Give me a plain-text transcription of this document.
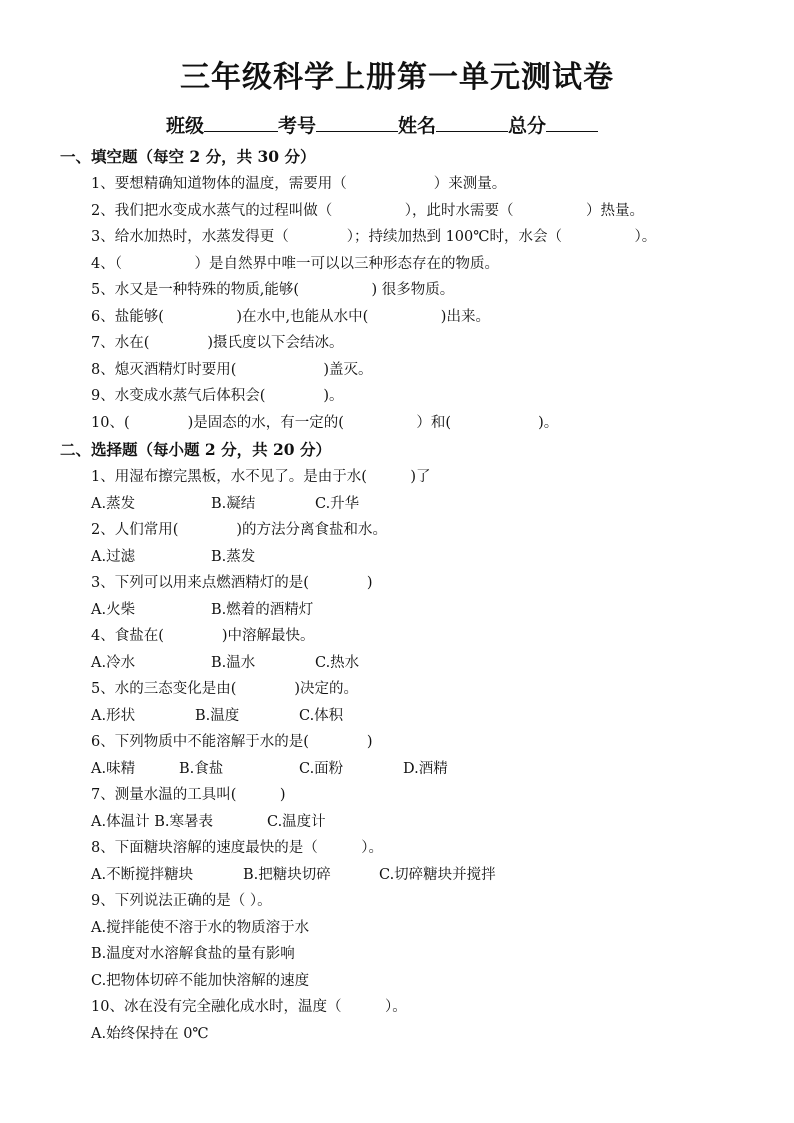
三年级科学上册第一单元测试卷
班级	考号	姓名	总分
一、填空题（每空 2 分，共 30 分）
1、要想精确知道物体的温度，需要用（　　　　　　）来测量。
2、我们把水变成水蒸气的过程叫做（　　　　　），此时水需要（　　　　　）热量。
3、给水加热时，水蒸发得更（　　　　）；持续加热到 100℃时，水会（　　　　　）。
4、（　　　　　）是自然界中唯一可以以三种形态存在的物质。
5、水又是一种特殊的物质,能够(　　　　　) 很多物质。
6、盐能够(　　　　　)在水中,也能从水中(　　　　　)出来。
7、水在(　　　　)摄氏度以下会结冰。
8、熄灭酒精灯时要用(　　　　　　)盖灭。
9、水变成水蒸气后体积会(　　　　)。
10、(　　　　)是固态的水，有一定的(　　　　　）和(　　　　　　)。
二、选择题（每小题 2 分，共 20 分）
1、用湿布擦完黑板，水不见了。是由于水(　　　)了
A.蒸发	B.凝结	C.升华
2、人们常用(　　　　)的方法分离食盐和水。
A.过滤	B.蒸发
3、下列可以用来点燃酒精灯的是(　　　　)
A.火柴	B.燃着的酒精灯
4、食盐在(　　　　)中溶解最快。
A.冷水	B.温水	C.热水
5、水的三态变化是由(　　　　)决定的。
A.形状	B.温度	C.体积
6、下列物质中不能溶解于水的是(　　　　)
A.味精	B.食盐	C.面粉	D.酒精
7、测量水温的工具叫(　　　)
A.体温计 B.寒暑表	C.温度计
8、下面糖块溶解的速度最快的是（　　　）。
A.不断搅拌糖块	B.把糖块切碎	C.切碎糖块并搅拌
9、下列说法正确的是（ ）。
A.搅拌能使不溶于水的物质溶于水
B.温度对水溶解食盐的量有影响
C.把物体切碎不能加快溶解的速度
10、冰在没有完全融化成水时，温度（　　　）。
A.始终保持在 0℃
